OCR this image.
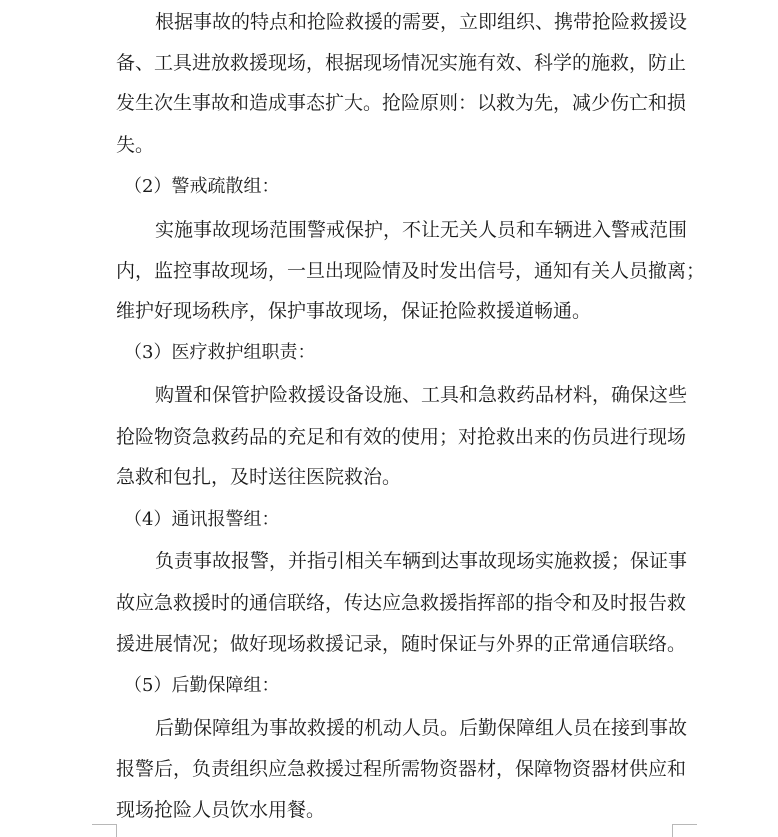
根据事故的特点和抢险救援的需要，立即组织、携带抢险救援设
备、工具进放救援现场，根据现场情况实施有效、科学的施救，防止
发生次生事故和造成事态扩大。抢险原则：以救为先，减少伤亡和损
失。
（2）警戒疏散组：
实施事故现场范围警戒保护，不让无关人员和车辆进入警戒范围
内，监控事故现场，一旦出现险情及时发出信号，通知有关人员撤离；
维护好现场秩序，保护事故现场，保证抢险救援道畅通。
（3）医疗救护组职责：
购置和保管护险救援设备设施、工具和急救药品材料，确保这些
抢险物资急救药品的充足和有效的使用；对抢救出来的伤员进行现场
急救和包扎，及时送往医院救治。
（4）通讯报警组：
负责事故报警，并指引相关车辆到达事故现场实施救援；保证事
故应急救援时的通信联络，传达应急救援指挥部的指令和及时报告救
援进展情况；做好现场救援记录，随时保证与外界的正常通信联络。
（5）后勤保障组：
后勤保障组为事故救援的机动人员。后勤保障组人员在接到事故
报警后，负责组织应急救援过程所需物资器材，保障物资器材供应和
现场抢险人员饮水用餐。
